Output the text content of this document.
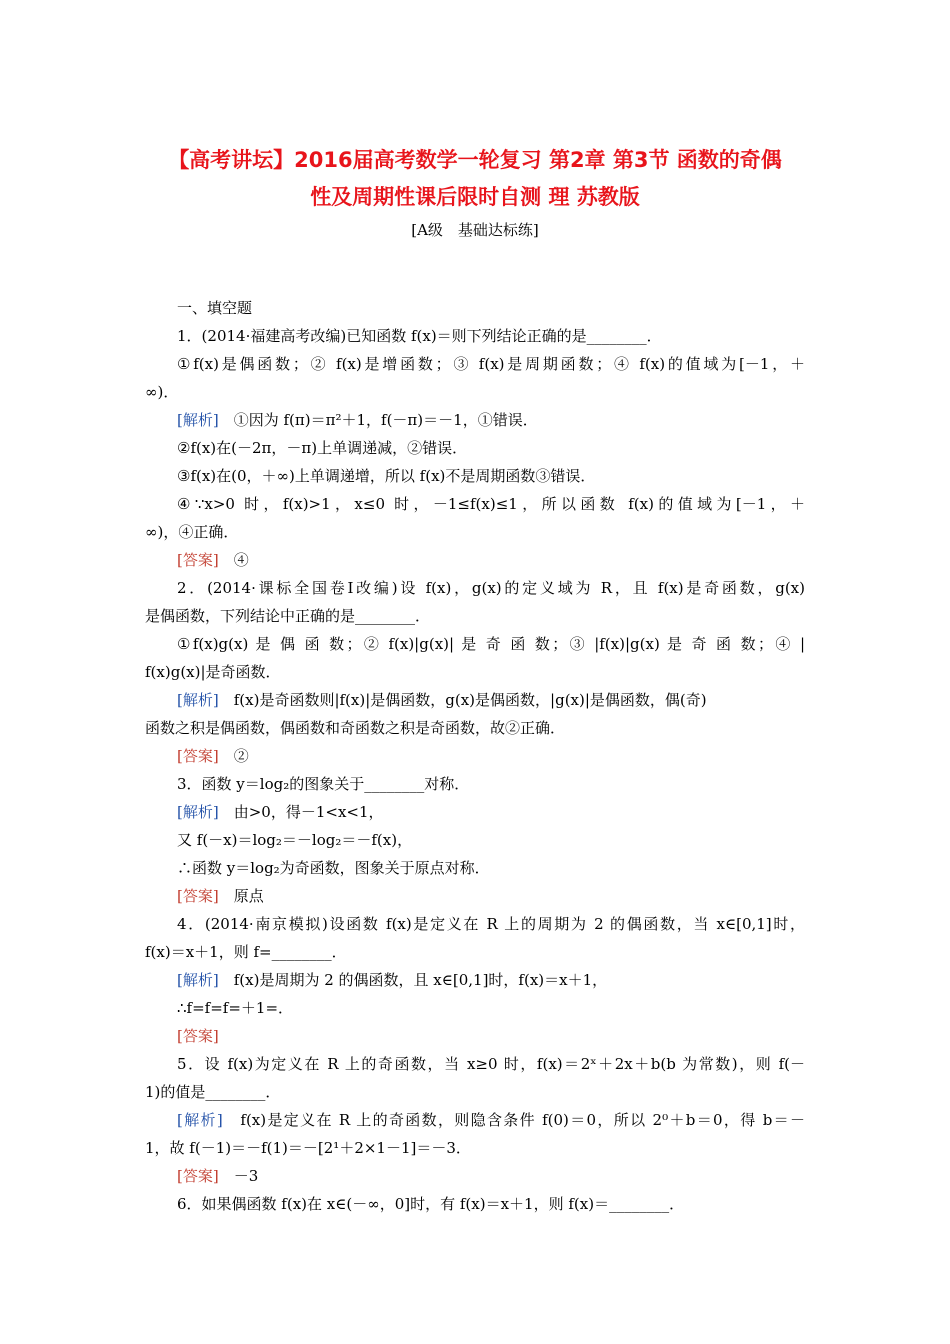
【高考讲坛】2016届高考数学一轮复习 第2章 第3节 函数的奇偶
性及周期性课后限时自测 理 苏教版
[A级　基础达标练]
一、填空题
1．(2014·福建高考改编)已知函数 f(x)＝则下列结论正确的是________．
①f(x)是偶函数；② f(x)是增函数；③ f(x)是周期函数；④ f(x)的值域为[－1，＋
∞)．
[解析]　 ①因为 f(π)＝π²＋1，f(－π)＝－1，①错误．
②f(x)在(－2π，－π)上单调递减，②错误．
③f(x)在(0，＋∞)上单调递增，所以 f(x)不是周期函数③错误．
④∵x>0 时，f(x)>1，x≤0 时，－1≤f(x)≤1，所以函数 f(x)的值域为[－1，＋
∞)，④正确．
[答案]　 ④
2．(2014·课标全国卷Ⅰ改编)设 f(x)，g(x)的定义域为 R，且 f(x)是奇函数，g(x)
是偶函数，下列结论中正确的是________．
①f(x)g(x) 是 偶 函 数；② f(x)|g(x)| 是 奇 函 数；③ |f(x)|g(x) 是 奇 函 数；④ |
f(x)g(x)|是奇函数．
[解析]　 f(x)是奇函数则|f(x)|是偶函数，g(x)是偶函数，|g(x)|是偶函数，偶(奇)
函数之积是偶函数，偶函数和奇函数之积是奇函数，故②正确．
[答案]　 ②
3．函数 y＝log₂的图象关于________对称．
[解析]　 由>0，得－1<x<1，
又 f(－x)＝log₂＝－log₂＝－f(x)，
∴函数 y＝log₂为奇函数，图象关于原点对称．
[答案]　 原点
4．(2014·南京模拟)设函数 f(x)是定义在 R 上的周期为 2 的偶函数，当 x∈[0,1]时，
f(x)＝x＋1，则 f=________．
[解析]　 f(x)是周期为 2 的偶函数，且 x∈[0,1]时，f(x)＝x＋1，
∴f=f=f=＋1=．
[答案]
5．设 f(x)为定义在 R 上的奇函数，当 x≥0 时，f(x)＝2ˣ＋2x＋b(b 为常数)，则 f(－
1)的值是________．
[解析]　 f(x)是定义在 R 上的奇函数，则隐含条件 f(0)＝0，所以 2⁰＋b＝0，得 b＝－
1，故 f(－1)＝－f(1)＝－[2¹＋2×1－1]＝－3．
[答案]　 －3
6．如果偶函数 f(x)在 x∈(－∞，0]时，有 f(x)＝x＋1，则 f(x)＝________．
